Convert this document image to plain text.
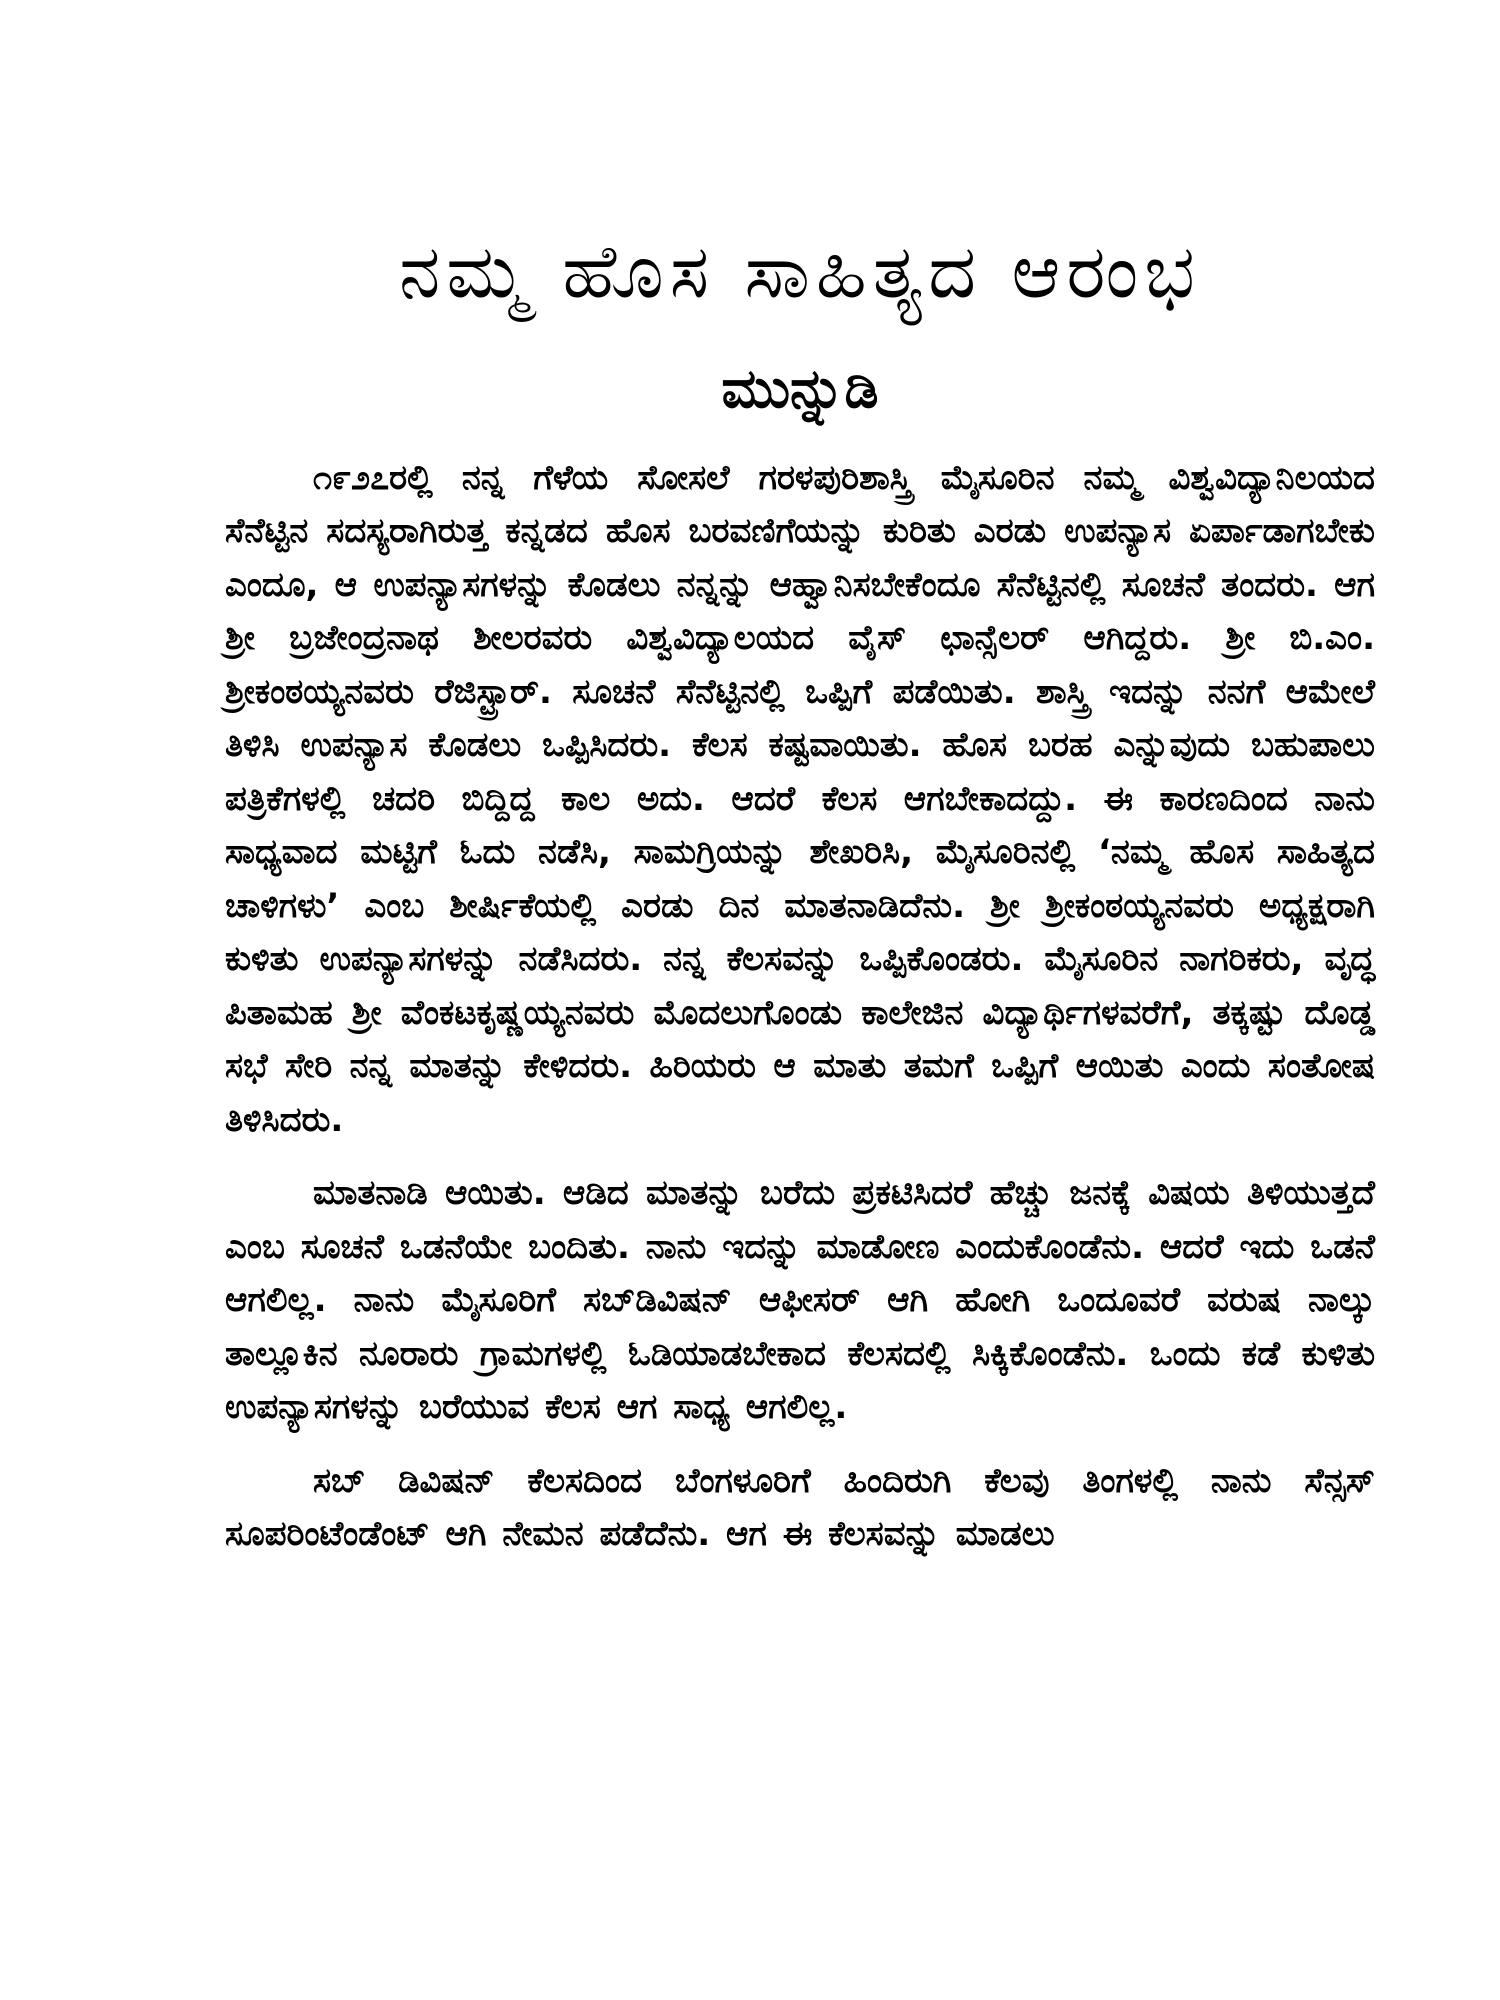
ನಮ್ಮ ಹೊಸ ಸಾಹಿತ್ಯದ ಆರಂಭ
ಮುನ್ನುಡಿ

೧೯೨೭ರಲ್ಲಿ ನನ್ನ ಗೆಳೆಯ ಸೋಸಲೆ ಗರಳಪುರಿಶಾಸ್ತ್ರಿ ಮೈಸೂರಿನ ನಮ್ಮ ವಿಶ್ವವಿದ್ಯಾನಿಲಯದ ಸೆನೆಟ್ಟಿನ ಸದಸ್ಯರಾಗಿರುತ್ತ ಕನ್ನಡದ ಹೊಸ ಬರವಣಿಗೆಯನ್ನು ಕುರಿತು ಎರಡು ಉಪನ್ಯಾಸ ಏರ್ಪಾಡಾಗಬೇಕು ಎಂದೂ, ಆ ಉಪನ್ಯಾಸಗಳನ್ನು ಕೊಡಲು ನನ್ನನ್ನು ಆಹ್ವಾನಿಸಬೇಕೆಂದೂ ಸೆನೆಟ್ಟಿನಲ್ಲಿ ಸೂಚನೆ ತಂದರು. ಆಗ ಶ್ರೀ ಬ್ರಜೇಂದ್ರನಾಥ ಶೀಲರವರು ವಿಶ್ವವಿದ್ಯಾಲಯದ ವೈಸ್ ಛಾನ್ಸೆಲರ್ ಆಗಿದ್ದರು. ಶ್ರೀ ಬಿ.ಎಂ. ಶ್ರೀಕಂಠಯ್ಯನವರು ರೆಜಿಸ್ಟ್ರಾರ್. ಸೂಚನೆ ಸೆನೆಟ್ಟಿನಲ್ಲಿ ಒಪ್ಪಿಗೆ ಪಡೆಯಿತು. ಶಾಸ್ತ್ರಿ ಇದನ್ನು ನನಗೆ ಆಮೇಲೆ ತಿಳಿಸಿ ಉಪನ್ಯಾಸ ಕೊಡಲು ಒಪ್ಪಿಸಿದರು. ಕೆಲಸ ಕಷ್ಟವಾಯಿತು. ಹೊಸ ಬರಹ ಎನ್ನುವುದು ಬಹುಪಾಲು ಪತ್ರಿಕೆಗಳಲ್ಲಿ ಚದರಿ ಬಿದ್ದಿದ್ದ ಕಾಲ ಅದು. ಆದರೆ ಕೆಲಸ ಆಗಬೇಕಾದದ್ದು. ಈ ಕಾರಣದಿಂದ ನಾನು ಸಾಧ್ಯವಾದ ಮಟ್ಟಿಗೆ ಓದು ನಡೆಸಿ, ಸಾಮಗ್ರಿಯನ್ನು ಶೇಖರಿಸಿ, ಮೈಸೂರಿನಲ್ಲಿ ‘ನಮ್ಮ ಹೊಸ ಸಾಹಿತ್ಯದ ಚಾಳಿಗಳು’ ಎಂಬ ಶೀರ್ಷಿಕೆಯಲ್ಲಿ ಎರಡು ದಿನ ಮಾತನಾಡಿದೆನು. ಶ್ರೀ ಶ್ರೀಕಂಠಯ್ಯನವರು ಅಧ್ಯಕ್ಷರಾಗಿ ಕುಳಿತು ಉಪನ್ಯಾಸಗಳನ್ನು ನಡೆಸಿದರು. ನನ್ನ ಕೆಲಸವನ್ನು ಒಪ್ಪಿಕೊಂಡರು. ಮೈಸೂರಿನ ನಾಗರಿಕರು, ವೃದ್ಧ ಪಿತಾಮಹ ಶ್ರೀ ವೆಂಕಟಕೃಷ್ಣಯ್ಯನವರು ಮೊದಲುಗೊಂಡು ಕಾಲೇಜಿನ ವಿದ್ಯಾರ್ಥಿಗಳವರೆಗೆ, ತಕ್ಕಷ್ಟು ದೊಡ್ಡ ಸಭೆ ಸೇರಿ ನನ್ನ ಮಾತನ್ನು ಕೇಳಿದರು. ಹಿರಿಯರು ಆ ಮಾತು ತಮಗೆ ಒಪ್ಪಿಗೆ ಆಯಿತು ಎಂದು ಸಂತೋಷ ತಿಳಿಸಿದರು.

ಮಾತನಾಡಿ ಆಯಿತು. ಆಡಿದ ಮಾತನ್ನು ಬರೆದು ಪ್ರಕಟಿಸಿದರೆ ಹೆಚ್ಚು ಜನಕ್ಕೆ ವಿಷಯ ತಿಳಿಯುತ್ತದೆ ಎಂಬ ಸೂಚನೆ ಒಡನೆಯೇ ಬಂದಿತು. ನಾನು ಇದನ್ನು ಮಾಡೋಣ ಎಂದುಕೊಂಡೆನು. ಆದರೆ ಇದು ಒಡನೆ ಆಗಲಿಲ್ಲ. ನಾನು ಮೈಸೂರಿಗೆ ಸಬ್‌ಡಿವಿಷನ್ ಆಫೀಸರ್ ಆಗಿ ಹೋಗಿ ಒಂದೂವರೆ ವರುಷ ನಾಲ್ಕು ತಾಲ್ಲೂಕಿನ ನೂರಾರು ಗ್ರಾಮಗಳಲ್ಲಿ ಓಡಿಯಾಡಬೇಕಾದ ಕೆಲಸದಲ್ಲಿ ಸಿಕ್ಕಿಕೊಂಡೆನು. ಒಂದು ಕಡೆ ಕುಳಿತು ಉಪನ್ಯಾಸಗಳನ್ನು ಬರೆಯುವ ಕೆಲಸ ಆಗ ಸಾಧ್ಯ ಆಗಲಿಲ್ಲ.

ಸಬ್ ಡಿವಿಷನ್ ಕೆಲಸದಿಂದ ಬೆಂಗಳೂರಿಗೆ ಹಿಂದಿರುಗಿ ಕೆಲವು ತಿಂಗಳಲ್ಲಿ ನಾನು ಸೆನ್ಸಸ್ ಸೂಪರಿಂಟೆಂಡೆಂಟ್ ಆಗಿ ನೇಮನ ಪಡೆದೆನು. ಆಗ ಈ ಕೆಲಸವನ್ನು ಮಾಡಲು
